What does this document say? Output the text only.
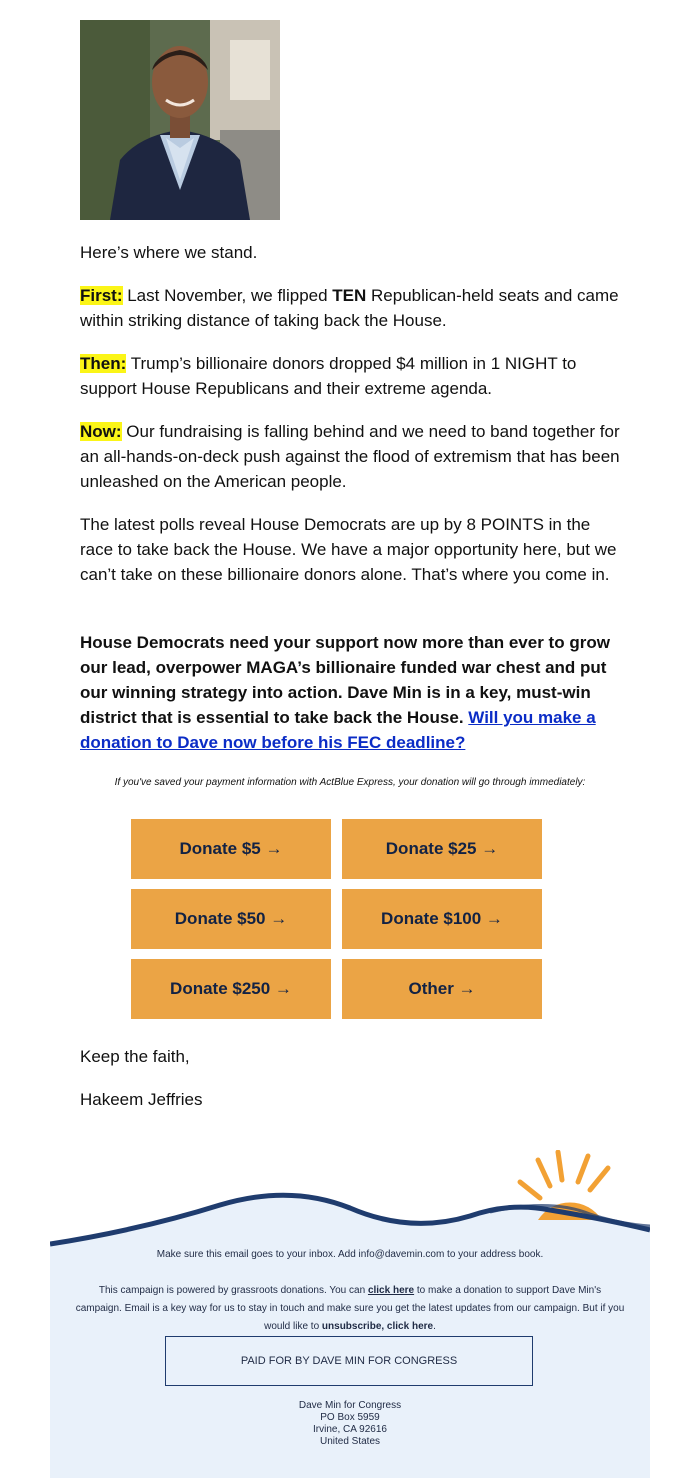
Here’s where we stand.

First: Last November, we flipped TEN Republican-held seats and came within striking distance of taking back the House.

Then: Trump’s billionaire donors dropped $4 million in 1 NIGHT to support House Republicans and their extreme agenda.

Now: Our fundraising is falling behind and we need to band together for an all-hands-on-deck push against the flood of extremism that has been unleashed on the American people.

The latest polls reveal House Democrats are up by 8 POINTS in the race to take back the House. We have a major opportunity here, but we can’t take on these billionaire donors alone. That’s where you come in.

House Democrats need your support now more than ever to grow our lead, overpower MAGA’s billionaire funded war chest and put our winning strategy into action. Dave Min is in a key, must-win district that is essential to take back the House. Will you make a donation to Dave now before his FEC deadline?

If you've saved your payment information with ActBlue Express, your donation will go through immediately:
Donate $5 →	Donate $25 →
Donate $50 →	Donate $100 →
Donate $250 →	Other →

Keep the faith,

Hakeem Jeffries

Make sure this email goes to your inbox. Add info@davemin.com to your address book.
This campaign is powered by grassroots donations. You can click here to make a donation to support Dave Min's campaign. Email is a key way for us to stay in touch and make sure you get the latest updates from our campaign. But if you would like to unsubscribe, click here.
PAID FOR BY DAVE MIN FOR CONGRESS
Dave Min for Congress
PO Box 5959
Irvine, CA 92616
United States
